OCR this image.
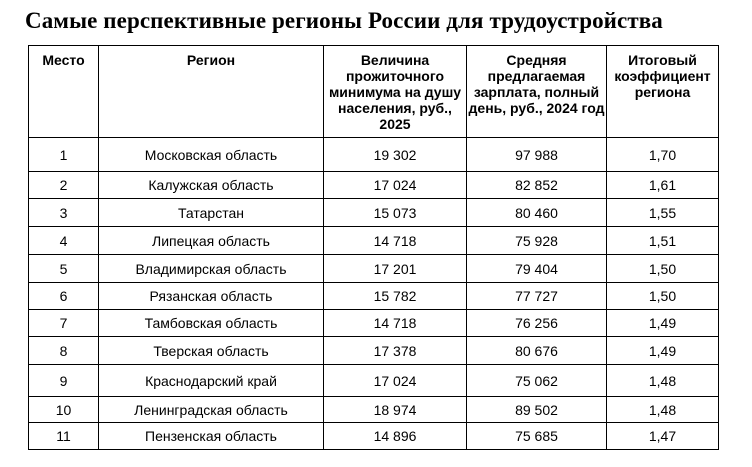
Самые перспективные регионы России для трудоустройства
Место	Регион	Величина прожиточного минимума на душу населения, руб., 2025	Средняя предлагаемая зарплата, полный день, руб., 2024 год	Итоговый коэффициент региона
1	Московская область	19 302	97 988	1,70
2	Калужская область	17 024	82 852	1,61
3	Татарстан	15 073	80 460	1,55
4	Липецкая область	14 718	75 928	1,51
5	Владимирская область	17 201	79 404	1,50
6	Рязанская область	15 782	77 727	1,50
7	Тамбовская область	14 718	76 256	1,49
8	Тверская область	17 378	80 676	1,49
9	Краснодарский край	17 024	75 062	1,48
10	Ленинградская область	18 974	89 502	1,48
11	Пензенская область	14 896	75 685	1,47
